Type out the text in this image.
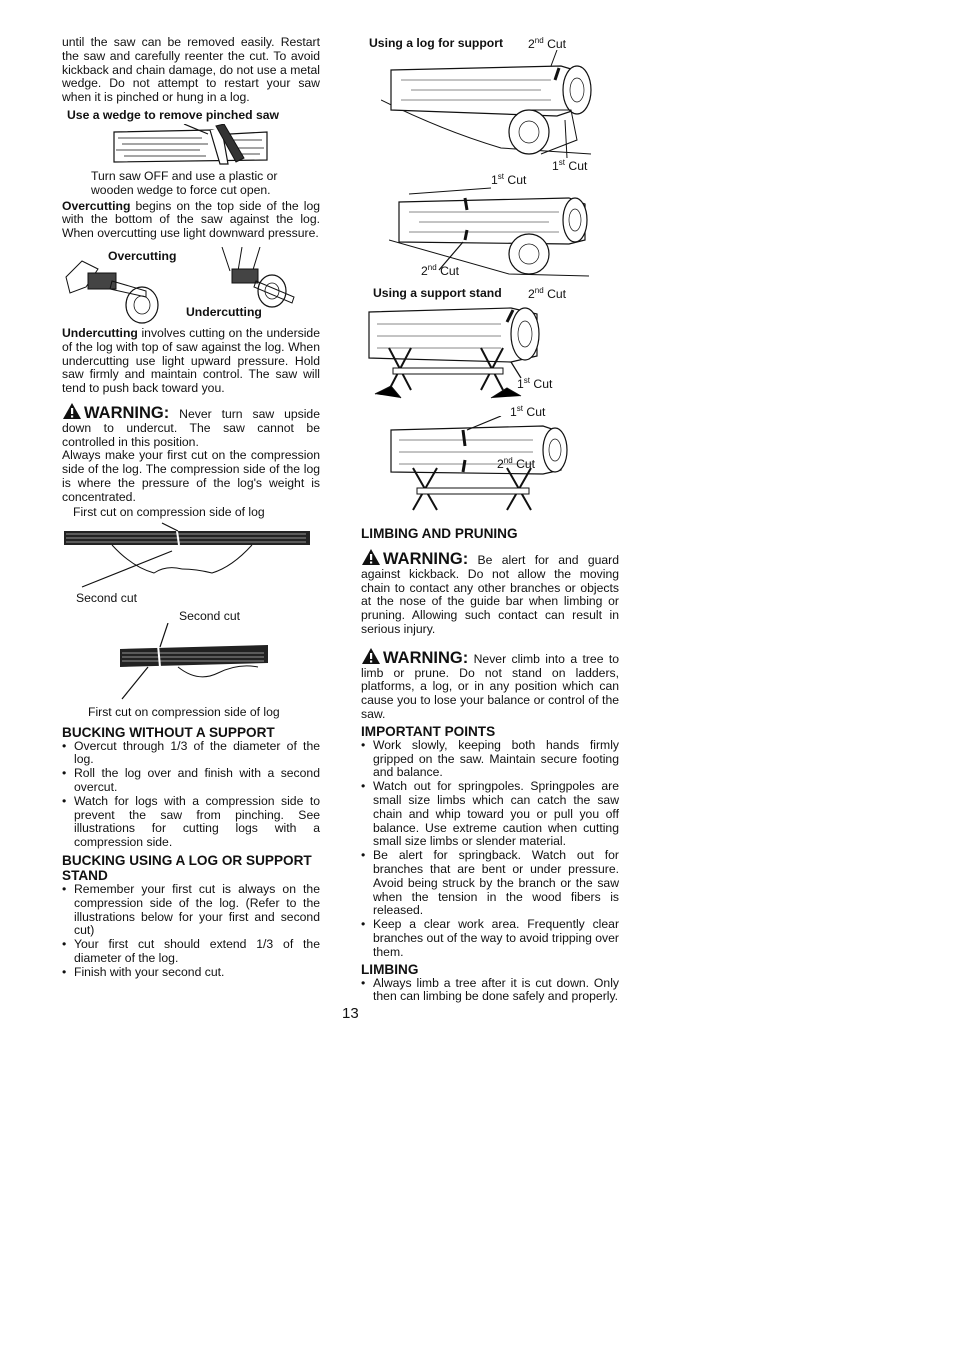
until the saw can be removed easily. Restart the saw and carefully reenter the cut. To avoid kickback and chain damage, do not use a metal wedge. Do not attempt to restart your saw when it is pinched or hung in a log.

Use a wedge to remove pinched saw
Turn saw OFF and use a plastic or wooden wedge to force cut open.

Overcutting begins on the top side of the log with the bottom of the saw against the log. When overcutting use light downward pressure.

Overcutting
Undercutting

Undercutting involves cutting on the underside of the log with top of saw against the log. When undercutting use light upward pressure. Hold saw firmly and maintain control. The saw will tend to push back toward you.

WARNING: Never turn saw upside down to undercut. The saw cannot be controlled in this position.

Always make your first cut on the compression side of the log. The compression side of the log is where the pressure of the log's weight is concentrated.

First cut on compression side of log
Second cut
Second cut
First cut on compression side of log
BUCKING WITHOUT A SUPPORT
• Overcut through 1/3 of the diameter of the log.
• Roll the log over and finish with a second overcut.
• Watch for logs with a compression side to prevent the saw from pinching. See illustrations for cutting logs with a compression side.
BUCKING USING A LOG OR SUPPORT STAND
• Remember your first cut is always on the compression side of the log. (Refer to the illustrations below for your first and second cut)
• Your first cut should extend 1/3 of the diameter of the log.
• Finish with your second cut.
Using a log for support 2nd Cut
1st Cut
1st Cut
2nd Cut
Using a support stand 2nd Cut
1st Cut
1st Cut
2nd Cut
LIMBING AND PRUNING

WARNING: Be alert for and guard against kickback. Do not allow the moving chain to contact any other branches or objects at the nose of the guide bar when limbing or pruning. Allowing such contact can result in serious injury.

WARNING: Never climb into a tree to limb or prune. Do not stand on ladders, platforms, a log, or in any position which can cause you to lose your balance or control of the saw.

IMPORTANT POINTS
• Work slowly, keeping both hands firmly gripped on the saw. Maintain secure footing and balance.
• Watch out for springpoles. Springpoles are small size limbs which can catch the saw chain and whip toward you or pull you off balance. Use extreme caution when cutting small size limbs or slender material.
• Be alert for springback. Watch out for branches that are bent or under pressure. Avoid being struck by the branch or the saw when the tension in the wood fibers is released.
• Keep a clear work area. Frequently clear branches out of the way to avoid tripping over them.
LIMBING
• Always limb a tree after it is cut down. Only then can limbing be done safely and properly.
13
